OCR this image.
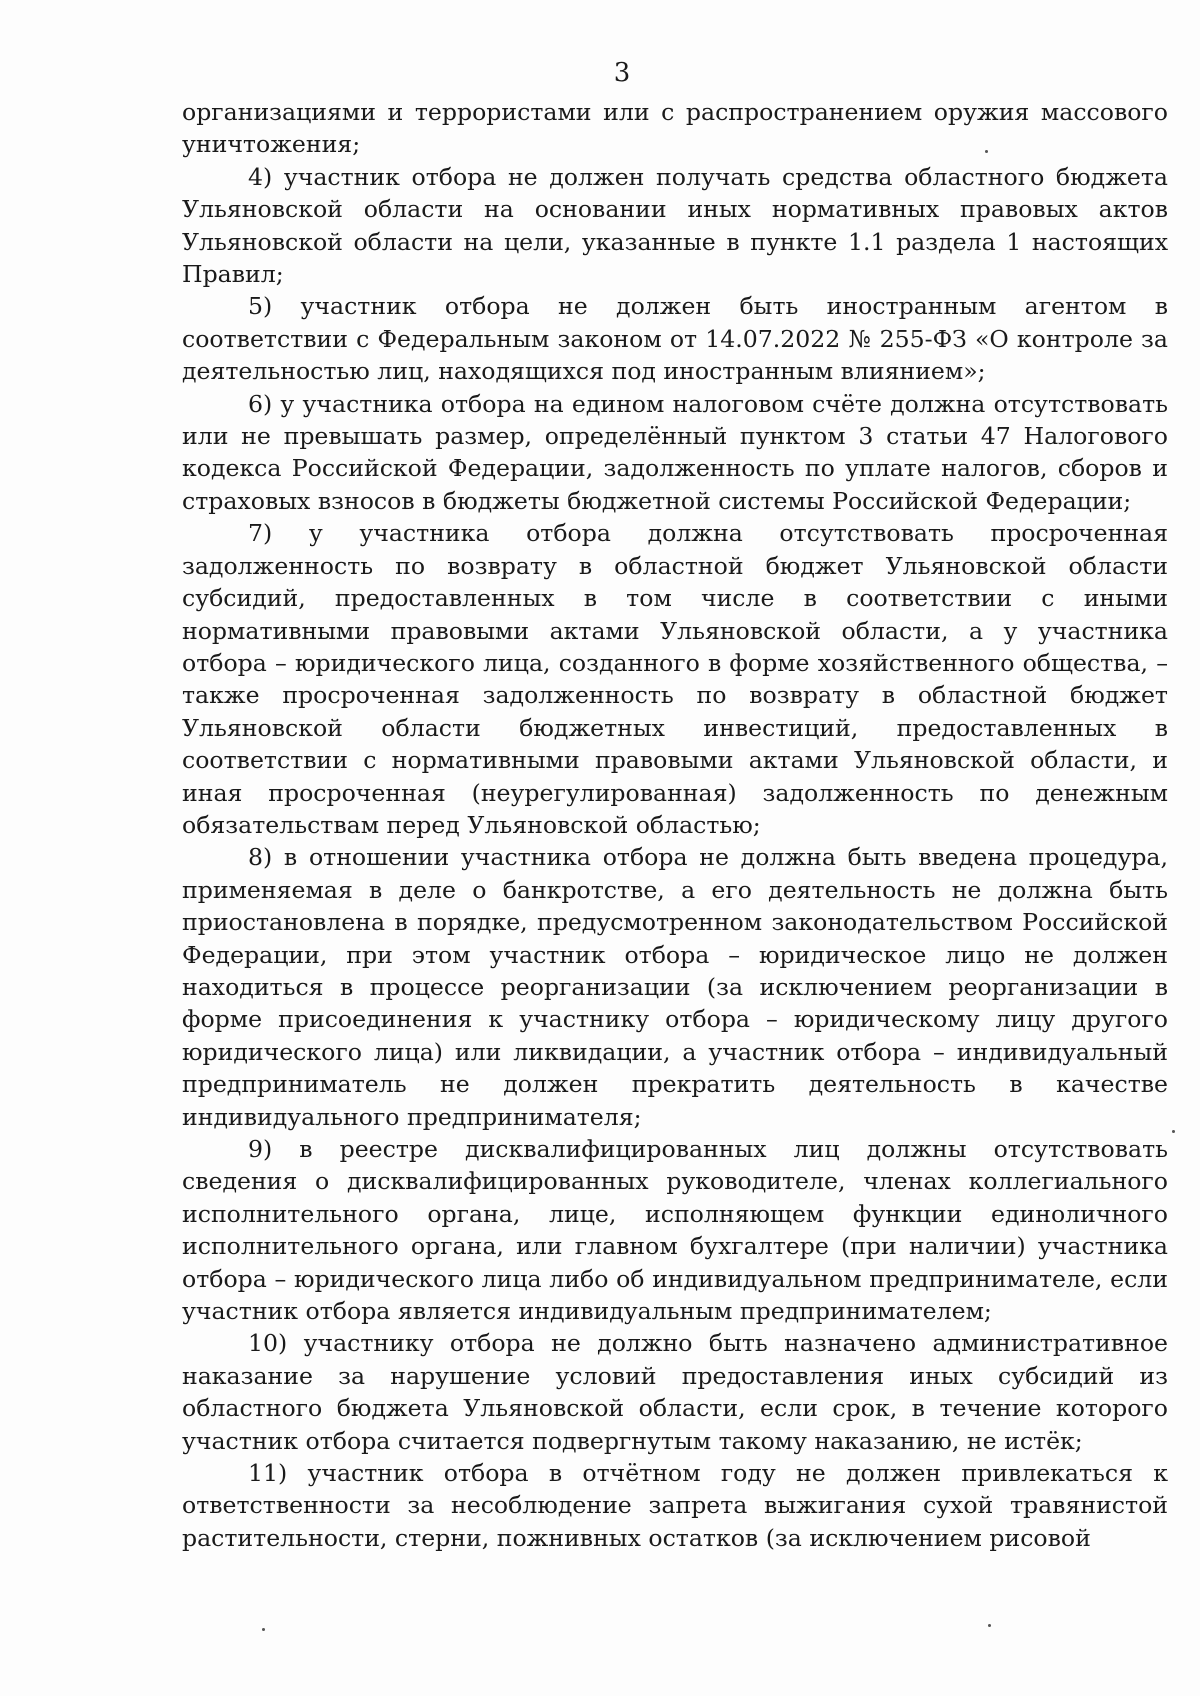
3

организациями и террористами или с распространением оружия массового уничтожения;

4) участник отбора не должен получать средства областного бюджета Ульяновской области на основании иных нормативных правовых актов Ульяновской области на цели, указанные в пункте 1.1 раздела 1 настоящих Правил;

5) участник отбора не должен быть иностранным агентом в соответствии с Федеральным законом от 14.07.2022 № 255-ФЗ «О контроле за деятельностью лиц, находящихся под иностранным влиянием»;

6) у участника отбора на едином налоговом счёте должна отсутствовать или не превышать размер, определённый пунктом 3 статьи 47 Налогового кодекса Российской Федерации, задолженность по уплате налогов, сборов и страховых взносов в бюджеты бюджетной системы Российской Федерации;

7) у участника отбора должна отсутствовать просроченная задолженность по возврату в областной бюджет Ульяновской области субсидий, предоставленных в том числе в соответствии с иными нормативными правовыми актами Ульяновской области, а у участника отбора – юридического лица, созданного в форме хозяйственного общества, – также просроченная задолженность по возврату в областной бюджет Ульяновской области бюджетных инвестиций, предоставленных в соответствии с нормативными правовыми актами Ульяновской области, и иная просроченная (неурегулированная) задолженность по денежным обязательствам перед Ульяновской областью;

8) в отношении участника отбора не должна быть введена процедура, применяемая в деле о банкротстве, а его деятельность не должна быть приостановлена в порядке, предусмотренном законодательством Российской Федерации, при этом участник отбора – юридическое лицо не должен находиться в процессе реорганизации (за исключением реорганизации в форме присоединения к участнику отбора – юридическому лицу другого юридического лица) или ликвидации, а участник отбора – индивидуальный предприниматель не должен прекратить деятельность в качестве индивидуального предпринимателя;

9) в реестре дисквалифицированных лиц должны отсутствовать сведения о дисквалифицированных руководителе, членах коллегиального исполнительного органа, лице, исполняющем функции единоличного исполнительного органа, или главном бухгалтере (при наличии) участника отбора – юридического лица либо об индивидуальном предпринимателе, если участник отбора является индивидуальным предпринимателем;

10) участнику отбора не должно быть назначено административное наказание за нарушение условий предоставления иных субсидий из областного бюджета Ульяновской области, если срок, в течение которого участник отбора считается подвергнутым такому наказанию, не истёк;

11) участник отбора в отчётном году не должен привлекаться к ответственности за несоблюдение запрета выжигания сухой травянистой растительности, стерни, пожнивных остатков (за исключением рисовой
